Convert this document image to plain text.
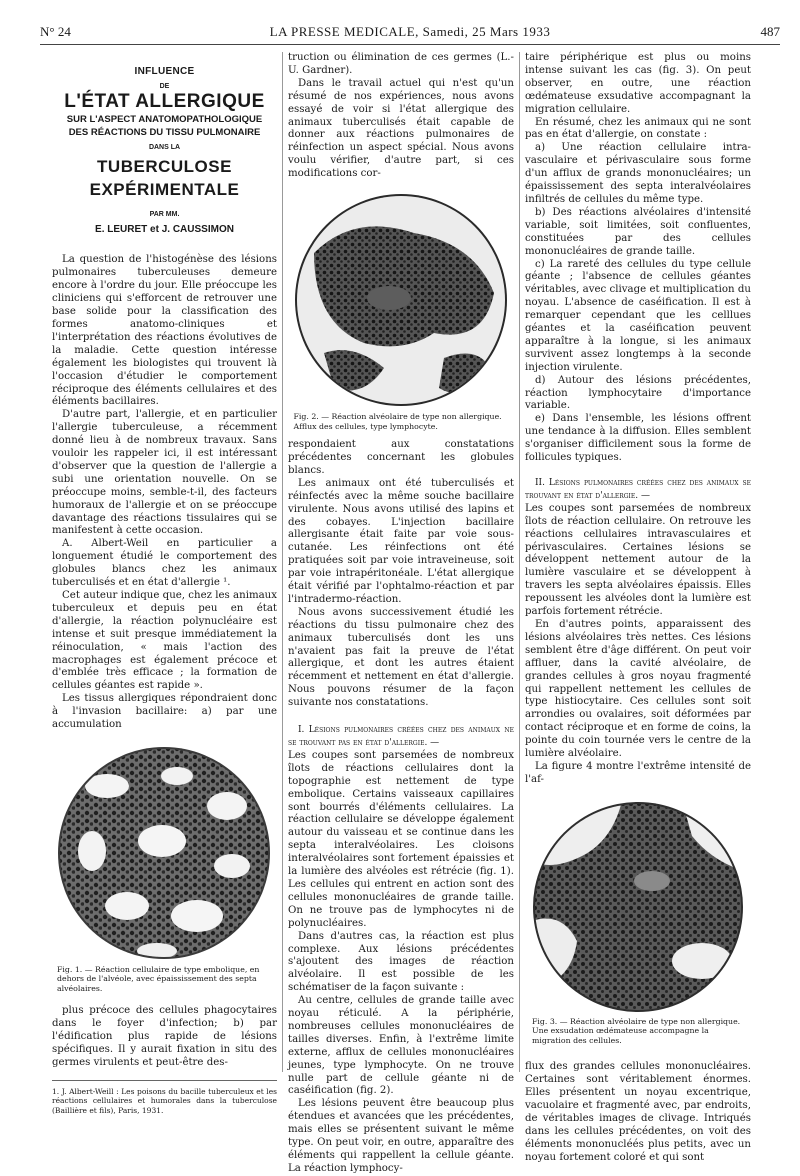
N° 24	LA PRESSE MEDICALE, Samedi, 25 Mars 1933	487
INFLUENCE
DE
L'ÉTAT ALLERGIQUE
SUR L'ASPECT ANATOMOPATHOLOGIQUE
DES RÉACTIONS DU TISSU PULMONAIRE
DANS LA
TUBERCULOSE
EXPÉRIMENTALE
PAR MM.
E. LEURET et J. CAUSSIMON

La question de l'histogénèse des lésions pulmonaires tuberculeuses demeure encore à l'ordre du jour. Elle préoccupe les cliniciens qui s'efforcent de retrouver une base solide pour la classification des formes anatomo-cliniques et l'interprétation des réactions évolutives de la maladie. Cette question intéresse également les biologistes qui trouvent là l'occasion d'étudier le comportement réciproque des éléments cellulaires et des éléments bacillaires.

D'autre part, l'allergie, et en particulier l'allergie tuberculeuse, a récemment donné lieu à de nombreux travaux. Sans vouloir les rappeler ici, il est intéressant d'observer que la question de l'allergie a subi une orientation nouvelle. On se préoccupe moins, semble-t-il, des facteurs humoraux de l'allergie et on se préoccupe davantage des réactions tissulaires qui se manifestent à cette occasion.

A. Albert-Weil en particulier a longuement étudié le comportement des globules blancs chez les animaux tuberculisés et en état d'allergie ¹.

Cet auteur indique que, chez les animaux tuberculeux et depuis peu en état d'allergie, la réaction polynucléaire est intense et suit presque immédiatement la réinoculation, « mais l'action des macrophages est également précoce et d'emblée très efficace ; la formation de cellules géantes est rapide ».

Les tissus allergiques répondraient donc à l'invasion bacillaire: a) par une accumulation

Fig. 1. — Réaction cellulaire de type embolique, en dehors de l'alvéole, avec épaississement des septa alvéolaires.

plus précoce des cellules phagocytaires dans le foyer d'infection; b) par l'édification plus rapide de lésions spécifiques. Il y aurait fixation in situ des germes virulents et peut-être des-

1. J. Albert-Weill : Les poisons du bacille tuberculeux et les réactions cellulaires et humorales dans la tuberculose (Baillière et fils), Paris, 1931.

truction ou élimination de ces germes (L.-U. Gardner).

Dans le travail actuel qui n'est qu'un résumé de nos expériences, nous avons essayé de voir si l'état allergique des animaux tuberculisés était capable de donner aux réactions pulmonaires de réinfection un aspect spécial. Nous avons voulu vérifier, d'autre part, si ces modifications cor-

Fig. 2. — Réaction alvéolaire de type non allergique. Afflux des cellules, type lymphocyte.

respondaient aux constatations précédentes concernant les globules blancs.

Les animaux ont été tuberculisés et réinfectés avec la même souche bacillaire virulente. Nous avons utilisé des lapins et des cobayes. L'injection bacillaire allergisante était faite par voie sous-cutanée. Les réinfections ont été pratiquées soit par voie intraveineuse, soit par voie intrapéritonéale. L'état allergique était vérifié par l'ophtalmo-réaction et par l'intradermo-réaction.

Nous avons successivement étudié les réactions du tissu pulmonaire chez des animaux tuberculisés dont les uns n'avaient pas fait la preuve de l'état allergique, et dont les autres étaient récemment et nettement en état d'allergie. Nous pouvons résumer de la façon suivante nos constatations.

I. Lésions pulmonaires créées chez des animaux ne se trouvant pas en état d'allergie. —

Les coupes sont parsemées de nombreux îlots de réactions cellulaires dont la topographie est nettement de type embolique. Certains vaisseaux capillaires sont bourrés d'éléments cellulaires. La réaction cellulaire se développe également autour du vaisseau et se continue dans les septa interalvéolaires. Les cloisons interalvéolaires sont fortement épaissies et la lumière des alvéoles est rétrécie (fig. 1). Les cellules qui entrent en action sont des cellules mononucléaires de grande taille. On ne trouve pas de lymphocytes ni de polynucléaires.

Dans d'autres cas, la réaction est plus complexe. Aux lésions précédentes s'ajoutent des images de réaction alvéolaire. Il est possible de les schématiser de la façon suivante :

Au centre, cellules de grande taille avec noyau réticulé. A la périphérie, nombreuses cellules mononucléaires de tailles diverses. Enfin, à l'extrême limite externe, afflux de cellules mononucléaires jeunes, type lymphocyte. On ne trouve nulle part de cellule géante ni de caséification (fig. 2).

Les lésions peuvent être beaucoup plus étendues et avancées que les précédentes, mais elles se présentent suivant le même type. On peut voir, en outre, apparaître des éléments qui rappellent la cellule géante. La réaction lymphocy-

taire périphérique est plus ou moins intense suivant les cas (fig. 3). On peut observer, en outre, une réaction œdémateuse exsudative accompagnant la migration cellulaire.

En résumé, chez les animaux qui ne sont pas en état d'allergie, on constate :

a) Une réaction cellulaire intra-vasculaire et périvasculaire sous forme d'un afflux de grands mononucléaires; un épaississement des septa interalvéolaires infiltrés de cellules du même type.

b) Des réactions alvéolaires d'intensité variable, soit limitées, soit confluentes, constituées par des cellules mononucléaires de grande taille.

c) La rareté des cellules du type cellule géante ; l'absence de cellules géantes véritables, avec clivage et multiplication du noyau. L'absence de caséification. Il est à remarquer cependant que les celllues géantes et la caséification peuvent apparaître à la longue, si les animaux survivent assez longtemps à la seconde injection virulente.

d) Autour des lésions précédentes, réaction lymphocytaire d'importance variable.

e) Dans l'ensemble, les lésions offrent une tendance à la diffusion. Elles semblent s'organiser difficilement sous la forme de follicules typiques.

II. Lésions pulmonaires créées chez des animaux se trouvant en état d'allergie. —

Les coupes sont parsemées de nombreux îlots de réaction cellulaire. On retrouve les réactions cellulaires intravasculaires et périvasculaires. Certaines lésions se développent nettement autour de la lumière vasculaire et se développent à travers les septa alvéolaires épaissis. Elles repoussent les alvéoles dont la lumière est parfois fortement rétrécie.

En d'autres points, apparaissent des lésions alvéolaires très nettes. Ces lésions semblent être d'âge différent. On peut voir affluer, dans la cavité alvéolaire, de grandes cellules à gros noyau fragmenté qui rappellent nettement les cellules de type histiocytaire. Ces cellules sont soit arrondies ou ovalaires, soit déformées par contact réciproque et en forme de coins, la pointe du coin tournée vers le centre de la lumière alvéolaire.

La figure 4 montre l'extrême intensité de l'af-

Fig. 3. — Réaction alvéolaire de type non allergique. Une exsudation œdémateuse accompagne la migration des cellules.

flux des grandes cellules mononucléaires. Certaines sont véritablement énormes. Elles présentent un noyau excentrique, vacuolaire et fragmenté avec, par endroits, de véritables images de clivage. Intriqués dans les cellules précédentes, on voit des éléments mononucléés plus petits, avec un noyau fortement coloré et qui sont
